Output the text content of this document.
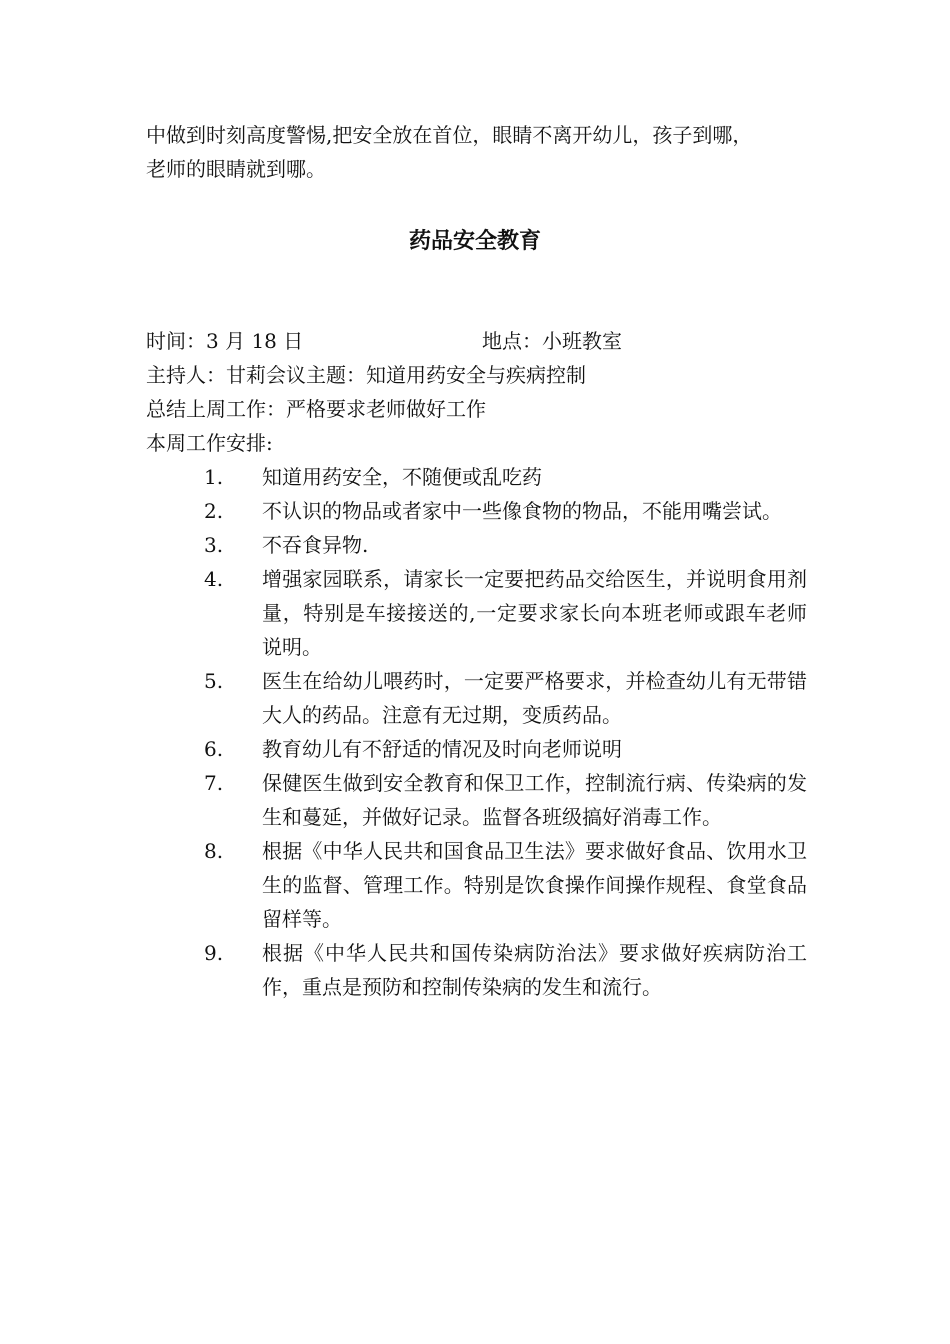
中做到时刻高度警惕,把安全放在首位，眼睛不离开幼儿，孩子到哪，

老师的眼睛就到哪。

药品安全教育
时间：3 月 18 日	地点：小班教室
主持人：甘莉会议主题：知道用药安全与疾病控制
总结上周工作：严格要求老师做好工作
本周工作安排:
1. 知道用药安全，不随便或乱吃药
2. 不认识的物品或者家中一些像食物的物品，不能用嘴尝试。
3. 不吞食异物.
4. 增强家园联系，请家长一定要把药品交给医生，并说明食用剂量，特别是车接接送的,一定要求家长向本班老师或跟车老师说明。
5. 医生在给幼儿喂药时，一定要严格要求，并检查幼儿有无带错大人的药品。注意有无过期，变质药品。
6. 教育幼儿有不舒适的情况及时向老师说明
7. 保健医生做到安全教育和保卫工作，控制流行病、传染病的发生和蔓延，并做好记录。监督各班级搞好消毒工作。
8. 根据《中华人民共和国食品卫生法》要求做好食品、饮用水卫生的监督、管理工作。特别是饮食操作间操作规程、食堂食品留样等。
9. 根据《中华人民共和国传染病防治法》要求做好疾病防治工作，重点是预防和控制传染病的发生和流行。
